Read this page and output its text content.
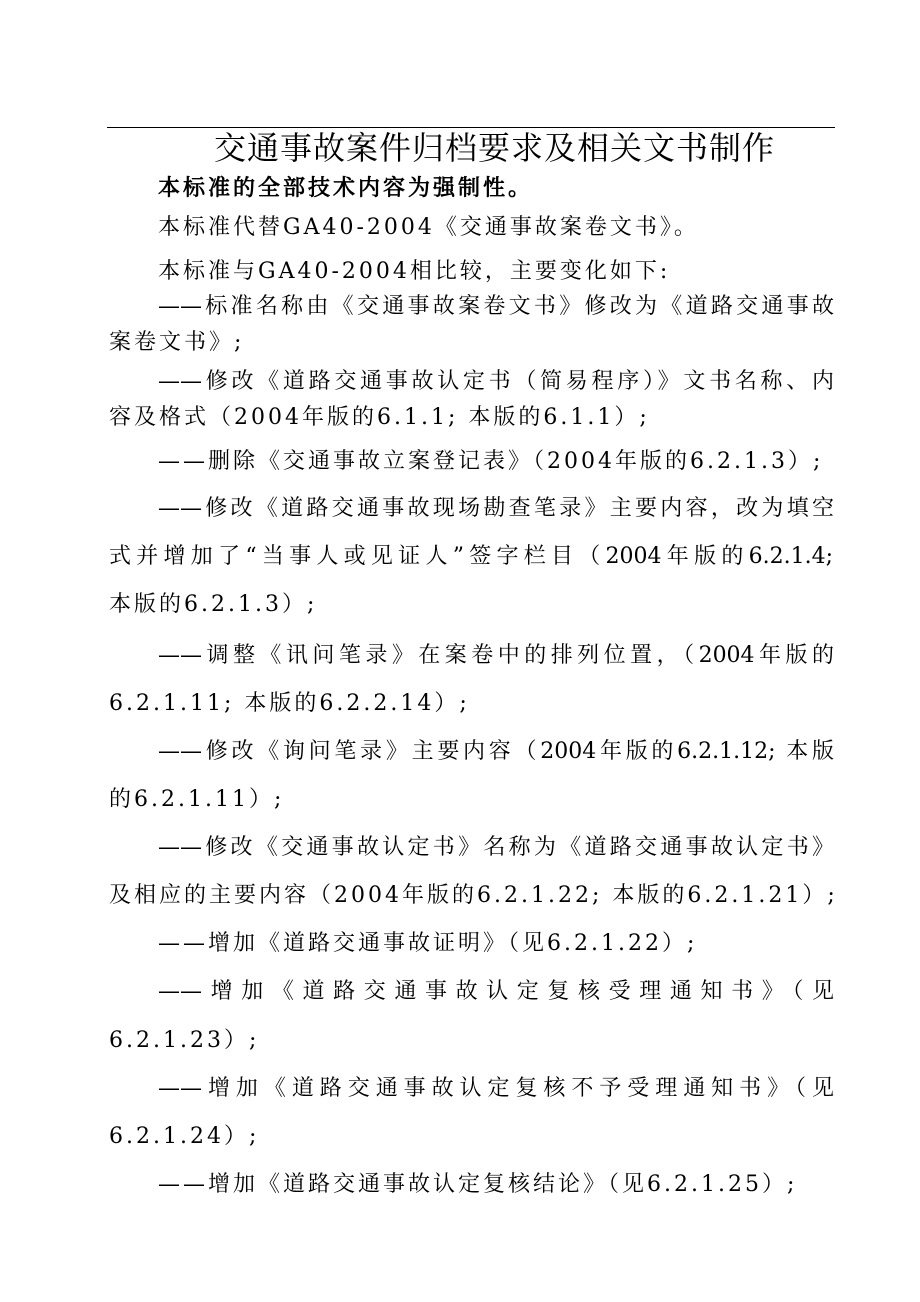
交通事故案件归档要求及相关文书制作
本标准的全部技术内容为强制性。
本标准代替GA40-2004《交通事故案卷文书》。
本标准与GA40-2004相比较，主要变化如下:
——标准名称由《交通事故案卷文书》修改为《道路交通事故
案卷文书》;
——修改《道路交通事故认定书（简易程序）》文书名称、内
容及格式（2004年版的6.1.1; 本版的6.1.1）;
——删除《交通事故立案登记表》（2004年版的6.2.1.3）;
——修改《道路交通事故现场勘查笔录》主要内容，改为填空
式并增加了“当事人或见证人”签字栏目（2004年版的6.2.1.4;
本版的6.2.1.3）;
——调整《讯问笔录》在案卷中的排列位置，（2004年版的
6.2.1.11; 本版的6.2.2.14）;
——修改《询问笔录》主要内容（2004年版的6.2.1.12; 本版
的6.2.1.11）;
——修改《交通事故认定书》名称为《道路交通事故认定书》
及相应的主要内容（2004年版的6.2.1.22; 本版的6.2.1.21）;
——增加《道路交通事故证明》（见6.2.1.22）;
——增加《道路交通事故认定复核受理通知书》（见
6.2.1.23）;
——增加《道路交通事故认定复核不予受理通知书》（见
6.2.1.24）;
——增加《道路交通事故认定复核结论》（见6.2.1.25）;
